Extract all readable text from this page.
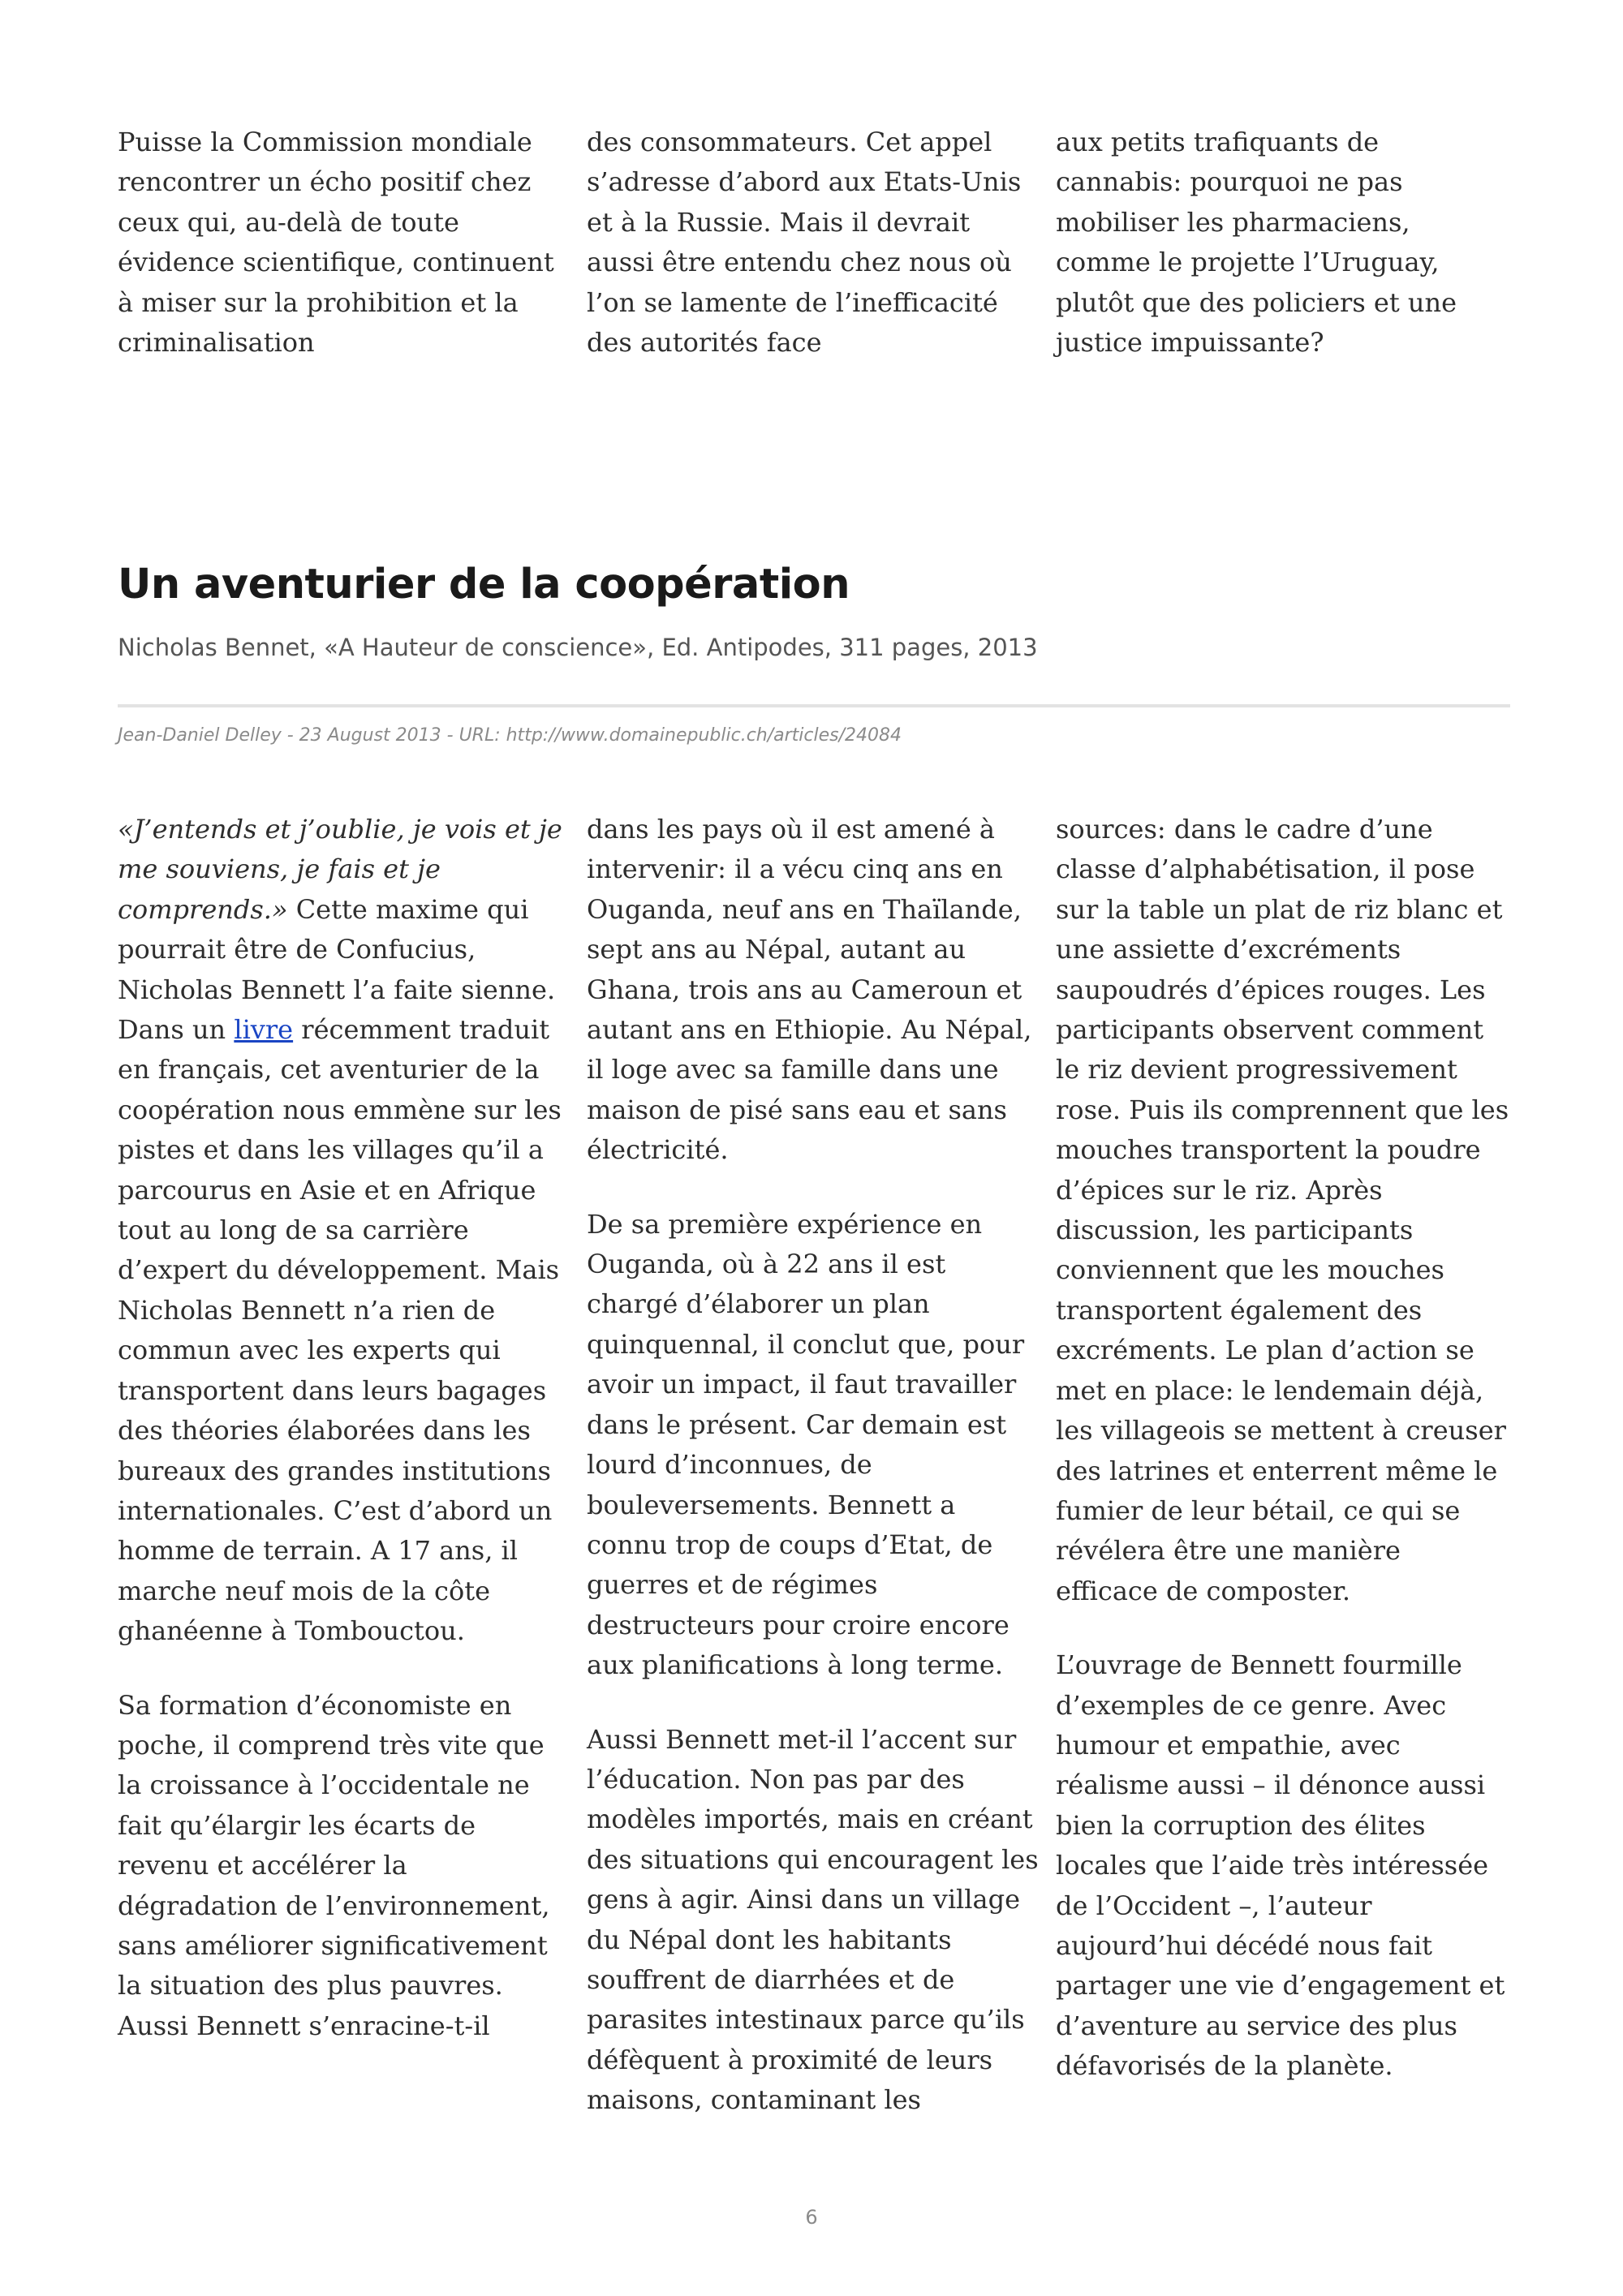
Puisse la Commission mondiale rencontrer un écho positif chez ceux qui, au-delà de toute évidence scientifique, continuent à miser sur la prohibition et la criminalisation

des consommateurs. Cet appel s’adresse d’abord aux Etats-Unis et à la Russie. Mais il devrait aussi être entendu chez nous où l’on se lamente de l’inefficacité des autorités face

aux petits trafiquants de cannabis: pourquoi ne pas mobiliser les pharmaciens, comme le projette l’Uruguay, plutôt que des policiers et une justice impuissante?

Un aventurier de la coopération

Nicholas Bennet, «A Hauteur de conscience», Ed. Antipodes, 311 pages, 2013

Jean-Daniel Delley - 23 August 2013 - URL: http://www.domainepublic.ch/articles/24084

«J’entends et j’oublie, je vois et je me souviens, je fais et je comprends.» Cette maxime qui pourrait être de Confucius, Nicholas Bennett l’a faite sienne. Dans un livre récemment traduit en français, cet aventurier de la coopération nous emmène sur les pistes et dans les villages qu’il a parcourus en Asie et en Afrique tout au long de sa carrière d’expert du développement. Mais Nicholas Bennett n’a rien de commun avec les experts qui transportent dans leurs bagages des théories élaborées dans les bureaux des grandes institutions internationales. C’est d’abord un homme de terrain. A 17 ans, il marche neuf mois de la côte ghanéenne à Tombouctou.

Sa formation d’économiste en poche, il comprend très vite que la croissance à l’occidentale ne fait qu’élargir les écarts de revenu et accélérer la dégradation de l’environnement, sans améliorer significativement la situation des plus pauvres. Aussi Bennett s’enracine-t-il

dans les pays où il est amené à intervenir: il a vécu cinq ans en Ouganda, neuf ans en Thaïlande, sept ans au Népal, autant au Ghana, trois ans au Cameroun et autant ans en Ethiopie. Au Népal, il loge avec sa famille dans une maison de pisé sans eau et sans électricité.

De sa première expérience en Ouganda, où à 22 ans il est chargé d’élaborer un plan quinquennal, il conclut que, pour avoir un impact, il faut travailler dans le présent. Car demain est lourd d’inconnues, de bouleversements. Bennett a connu trop de coups d’Etat, de guerres et de régimes destructeurs pour croire encore aux planifications à long terme.

Aussi Bennett met-il l’accent sur l’éducation. Non pas par des modèles importés, mais en créant des situations qui encouragent les gens à agir. Ainsi dans un village du Népal dont les habitants souffrent de diarrhées et de parasites intestinaux parce qu’ils défèquent à proximité de leurs maisons, contaminant les

sources: dans le cadre d’une classe d’alphabétisation, il pose sur la table un plat de riz blanc et une assiette d’excréments saupoudrés d’épices rouges. Les participants observent comment le riz devient progressivement rose. Puis ils comprennent que les mouches transportent la poudre d’épices sur le riz. Après discussion, les participants conviennent que les mouches transportent également des excréments. Le plan d’action se met en place: le lendemain déjà, les villageois se mettent à creuser des latrines et enterrent même le fumier de leur bétail, ce qui se révélera être une manière efficace de composter.

L’ouvrage de Bennett fourmille d’exemples de ce genre. Avec humour et empathie, avec réalisme aussi – il dénonce aussi bien la corruption des élites locales que l’aide très intéressée de l’Occident –, l’auteur aujourd’hui décédé nous fait partager une vie d’engagement et d’aventure au service des plus défavorisés de la planète.

6
